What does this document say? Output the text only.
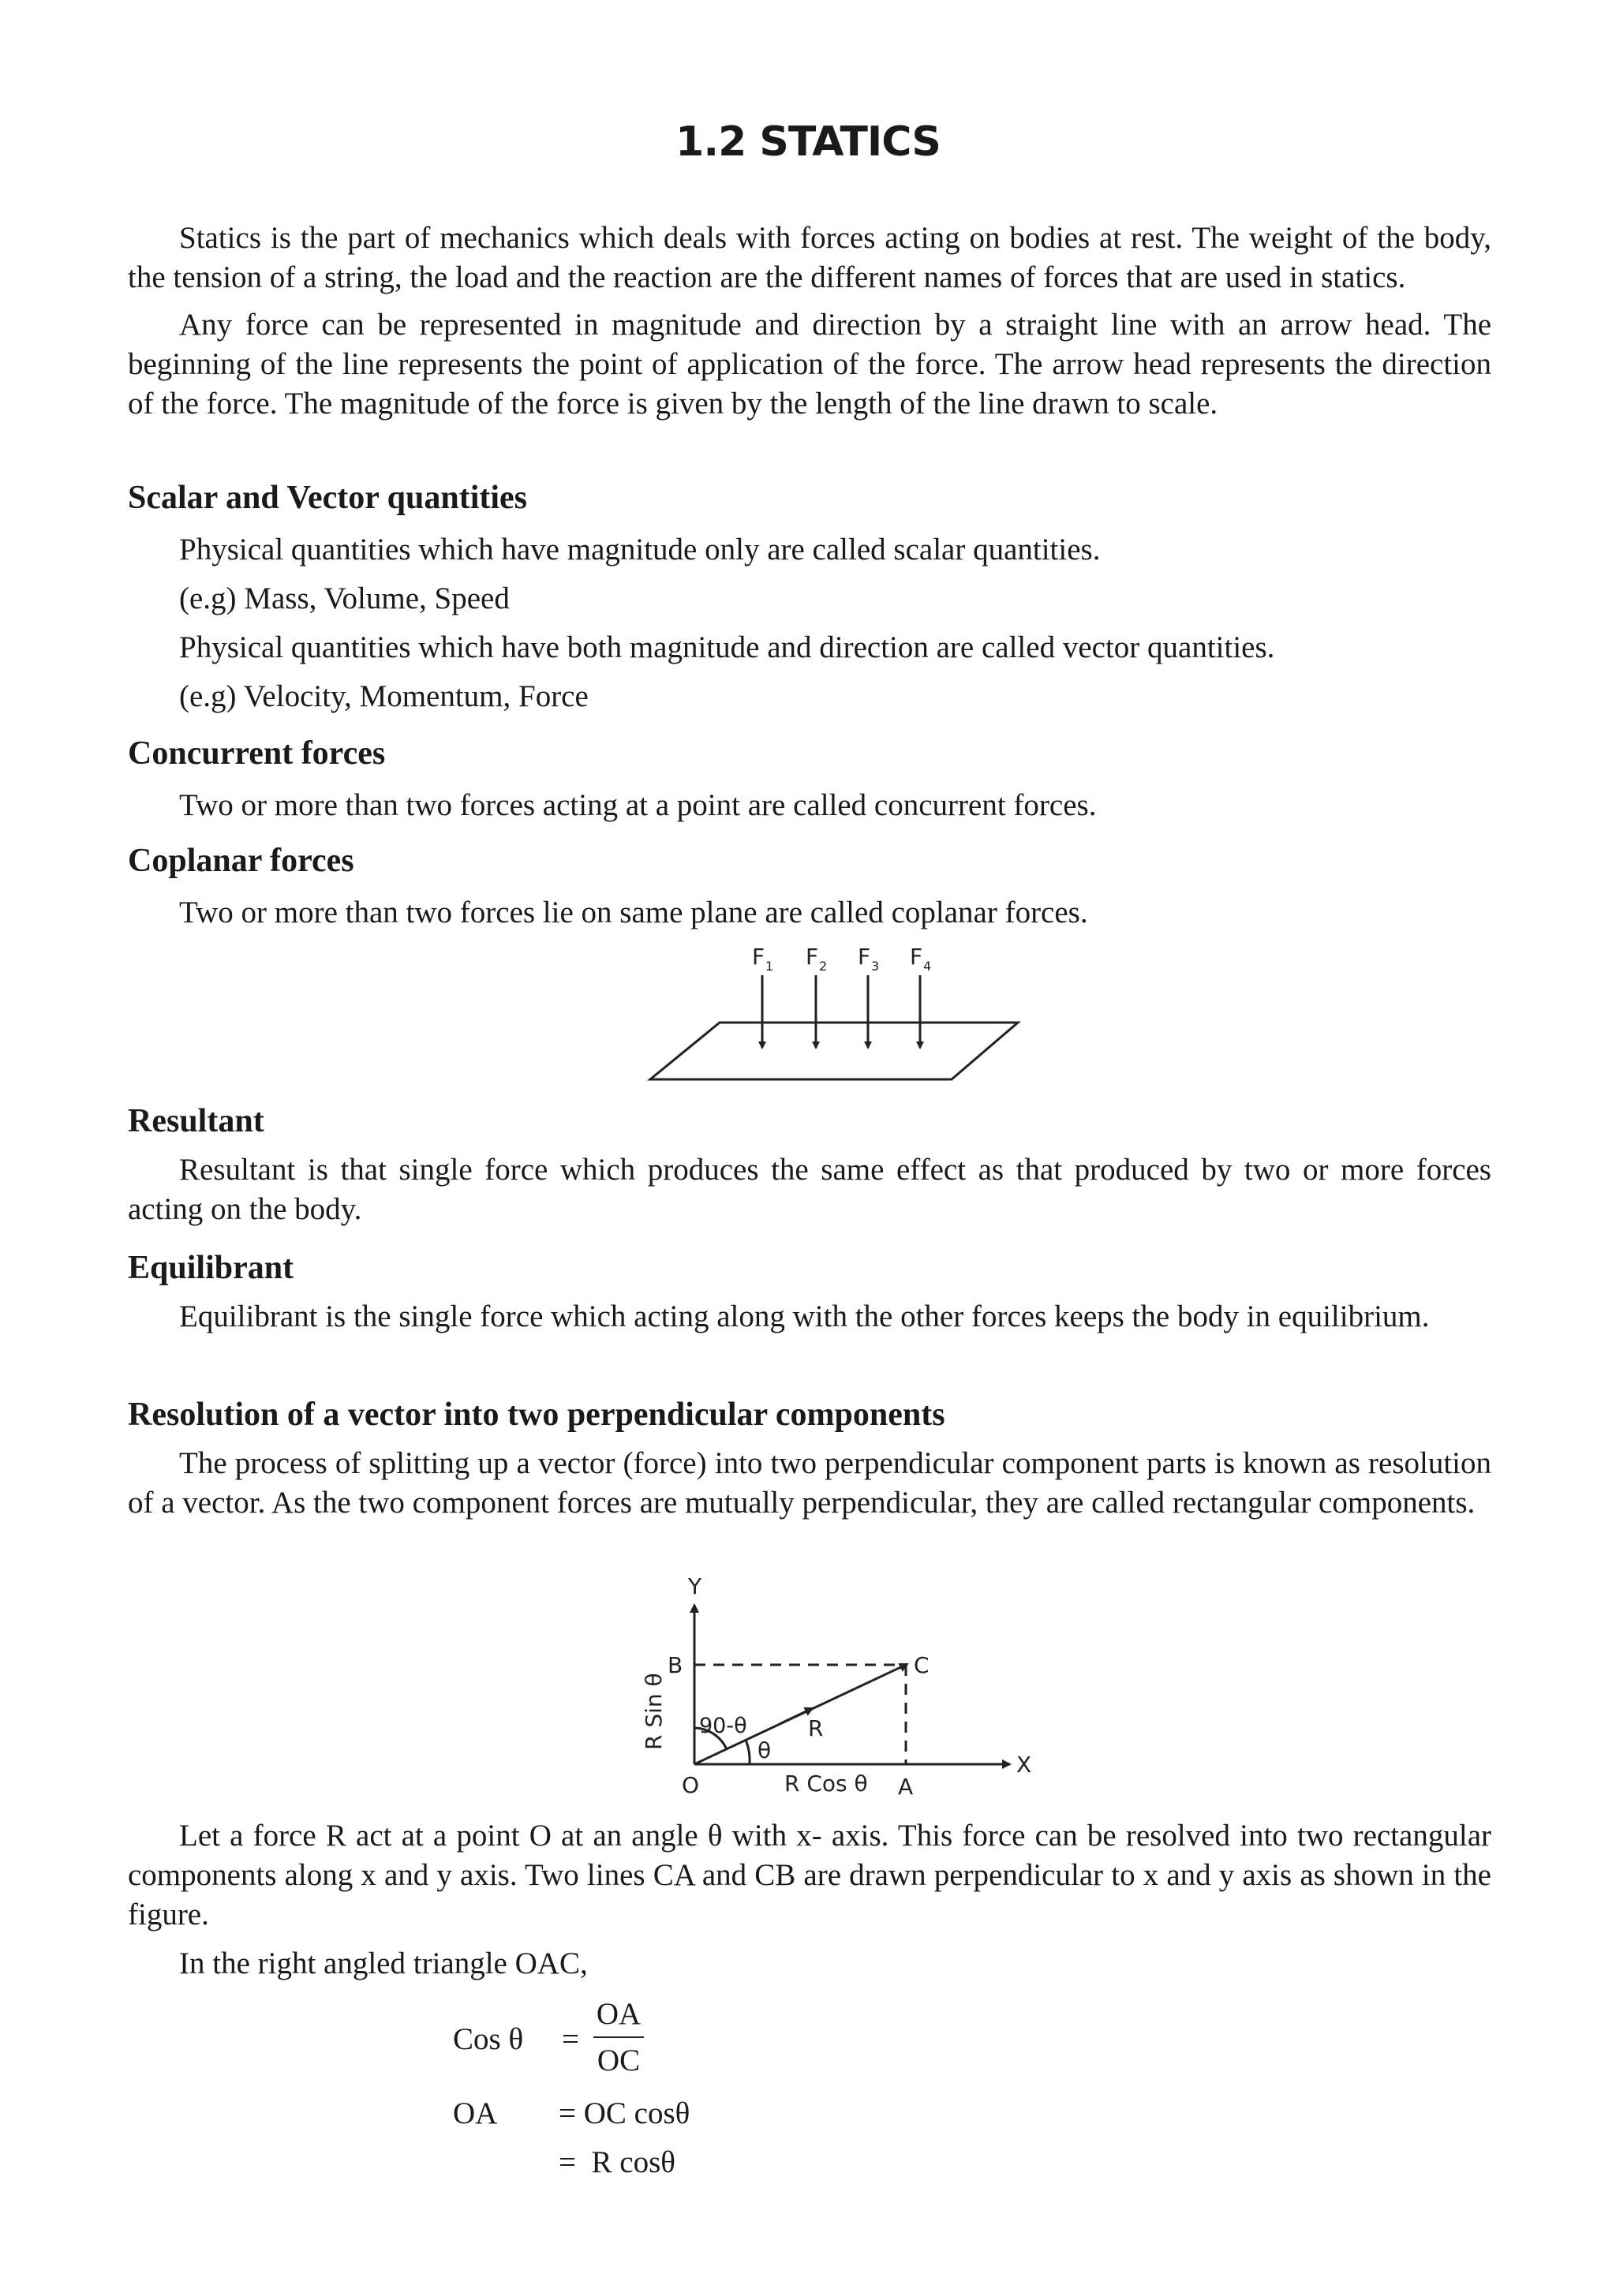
1.2 STATICS

Statics is the part of mechanics which deals with forces acting on bodies at rest. The weight of the body, the tension of a string, the load and the reaction are the different names of forces that are used in statics.

Any force can be represented in magnitude and direction by a straight line with an arrow head. The beginning of the line represents the point of application of the force. The arrow head represents the direction of the force. The magnitude of the force is given by the length of the line drawn to scale.

Scalar and Vector quantities

Physical quantities which have magnitude only are called scalar quantities.

(e.g) Mass, Volume, Speed

Physical quantities which have both magnitude and direction are called vector quantities.

(e.g) Velocity, Momentum, Force

Concurrent forces

Two or more than two forces acting at a point are called concurrent forces.

Coplanar forces

Two or more than two forces lie on same plane are called coplanar forces.

F 1 F 2 F 3 F 4

Resultant

Resultant is that single force which produces the same effect as that produced by two or more forces acting on the body.

Equilibrant

Equilibrant is the single force which acting along with the other forces keeps the body in equilibrium.

Resolution of a vector into two perpendicular components

The process of splitting up a vector (force) into two perpendicular component parts is known as resolution of a vector. As the two component forces are mutually perpendicular, they are called rectangular components.

Y
X
B	C
O	A
R
θ
90-θ
R Cos θ
R Sin θ

Let a force R act at a point O at an angle θ with x- axis. This force can be resolved into two rectangular components along x and y axis. Two lines CA and CB are drawn perpendicular to x and y axis as shown in the figure.

In the right angled triangle OAC,

Cos θ =
OA
OC
OA = OC cosθ
=  R cosθ
